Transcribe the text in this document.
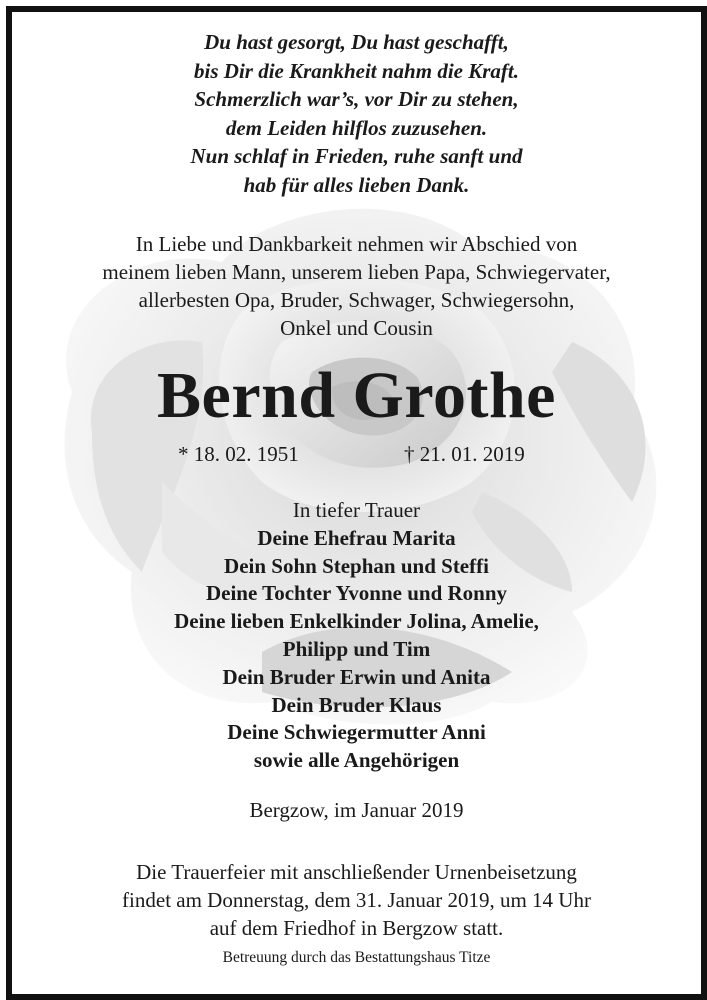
Du hast gesorgt, Du hast geschafft,
bis Dir die Krankheit nahm die Kraft.
Schmerzlich war’s, vor Dir zu stehen,
dem Leiden hilflos zuzusehen.
Nun schlaf in Frieden, ruhe sanft und
hab für alles lieben Dank.
In Liebe und Dankbarkeit nehmen wir Abschied von
meinem lieben Mann, unserem lieben Papa, Schwiegervater,
allerbesten Opa, Bruder, Schwager, Schwiegersohn,
Onkel und Cousin
Bernd Grothe
* 18. 02. 1951	† 21. 01. 2019
In tiefer Trauer
Deine Ehefrau Marita
Dein Sohn Stephan und Steffi
Deine Tochter Yvonne und Ronny
Deine lieben Enkelkinder Jolina, Amelie,
Philipp und Tim
Dein Bruder Erwin und Anita
Dein Bruder Klaus
Deine Schwiegermutter Anni
sowie alle Angehörigen
Bergzow, im Januar 2019
Die Trauerfeier mit anschließender Urnenbeisetzung
findet am Donnerstag, dem 31. Januar 2019, um 14 Uhr
auf dem Friedhof in Bergzow statt.
Betreuung durch das Bestattungshaus Titze
